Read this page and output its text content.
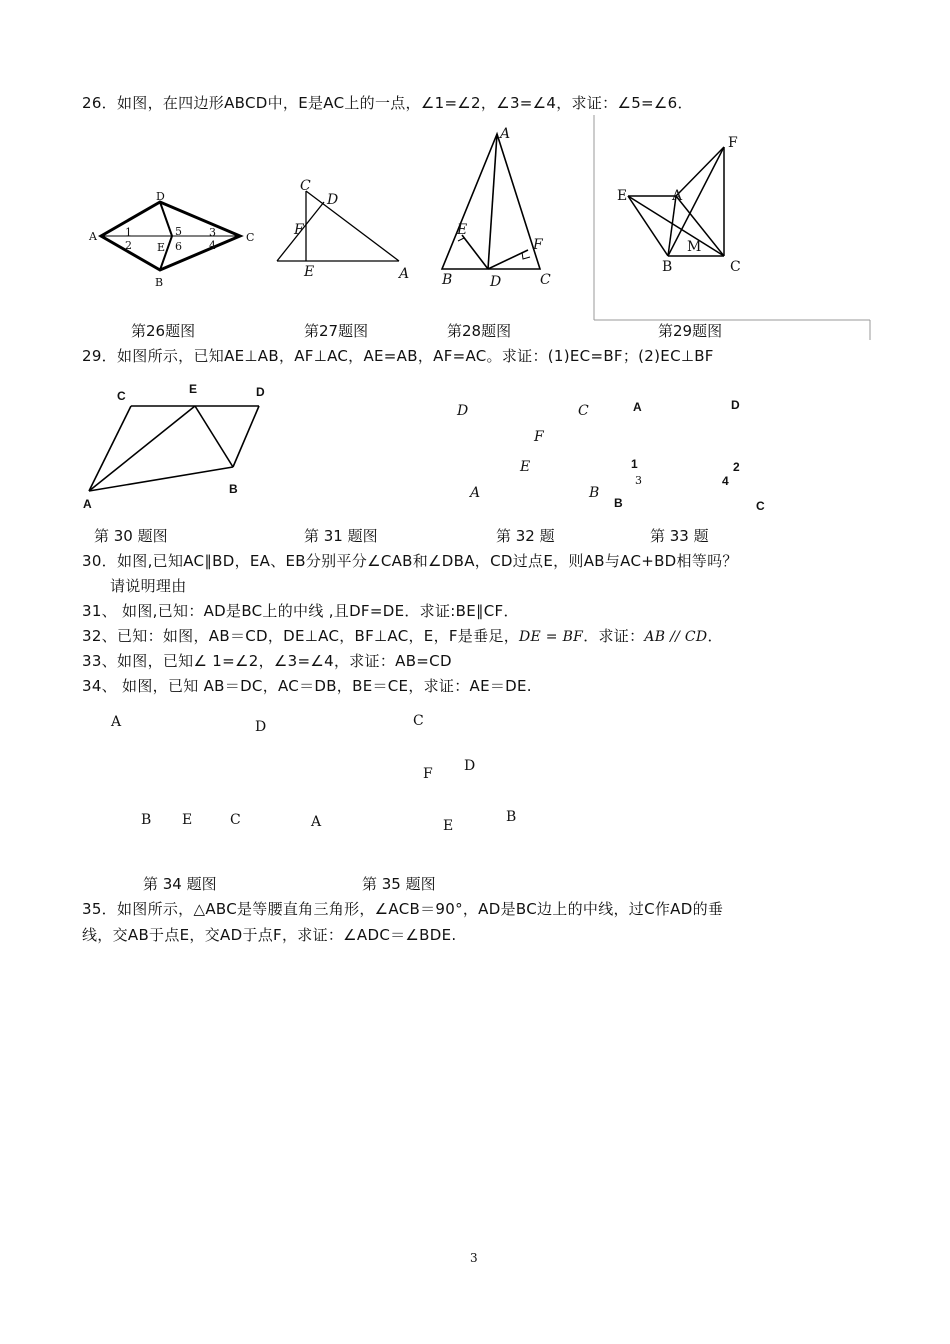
26．如图，在四边形ABCD中，E是AC上的一点，∠1=∠2，∠3=∠4，求证：∠5=∠6．
A
D
C
B
E
1
2
3
4
5
6
C
D
F
E	A
A
E
F
B	D	C
F
E	A
M
B	C
第26题图	第27题图	第28题图	第29题图
29．如图所示，已知AE⊥AB，AF⊥AC，AE=AB，AF=AC。求证：(1)EC=BF；(2)EC⊥BF
C	E	D
A
B
D	C
F
E
A	B
A	D
1
3
2
4
B	C
第 30 题图	第 31 题图	第 32 题	第 33 题
30．如图,已知AC∥BD，EA、EB分别平分∠CAB和∠DBA，CD过点E，则AB与AC+BD相等吗？
请说明理由
31、 如图,已知：AD是BC上的中线 ,且DF=DE．求证:BE∥CF．
32、已知：如图，AB＝CD，DE⊥AC，BF⊥AC，E，F是垂足，DE = BF．求证：AB // CD．
33、如图，已知∠ 1=∠2，∠3=∠4，求证：AB=CD
34、 如图，已知 AB＝DC，AC＝DB，BE＝CE，求证：AE＝DE.
A	D
B E	C
C
F D
A	E
B
第 34 题图	第 35 题图
35．如图所示，△ABC是等腰直角三角形，∠ACB＝90°，AD是BC边上的中线，过C作AD的垂
线，交AB于点E，交AD于点F，求证：∠ADC＝∠BDE.
3
